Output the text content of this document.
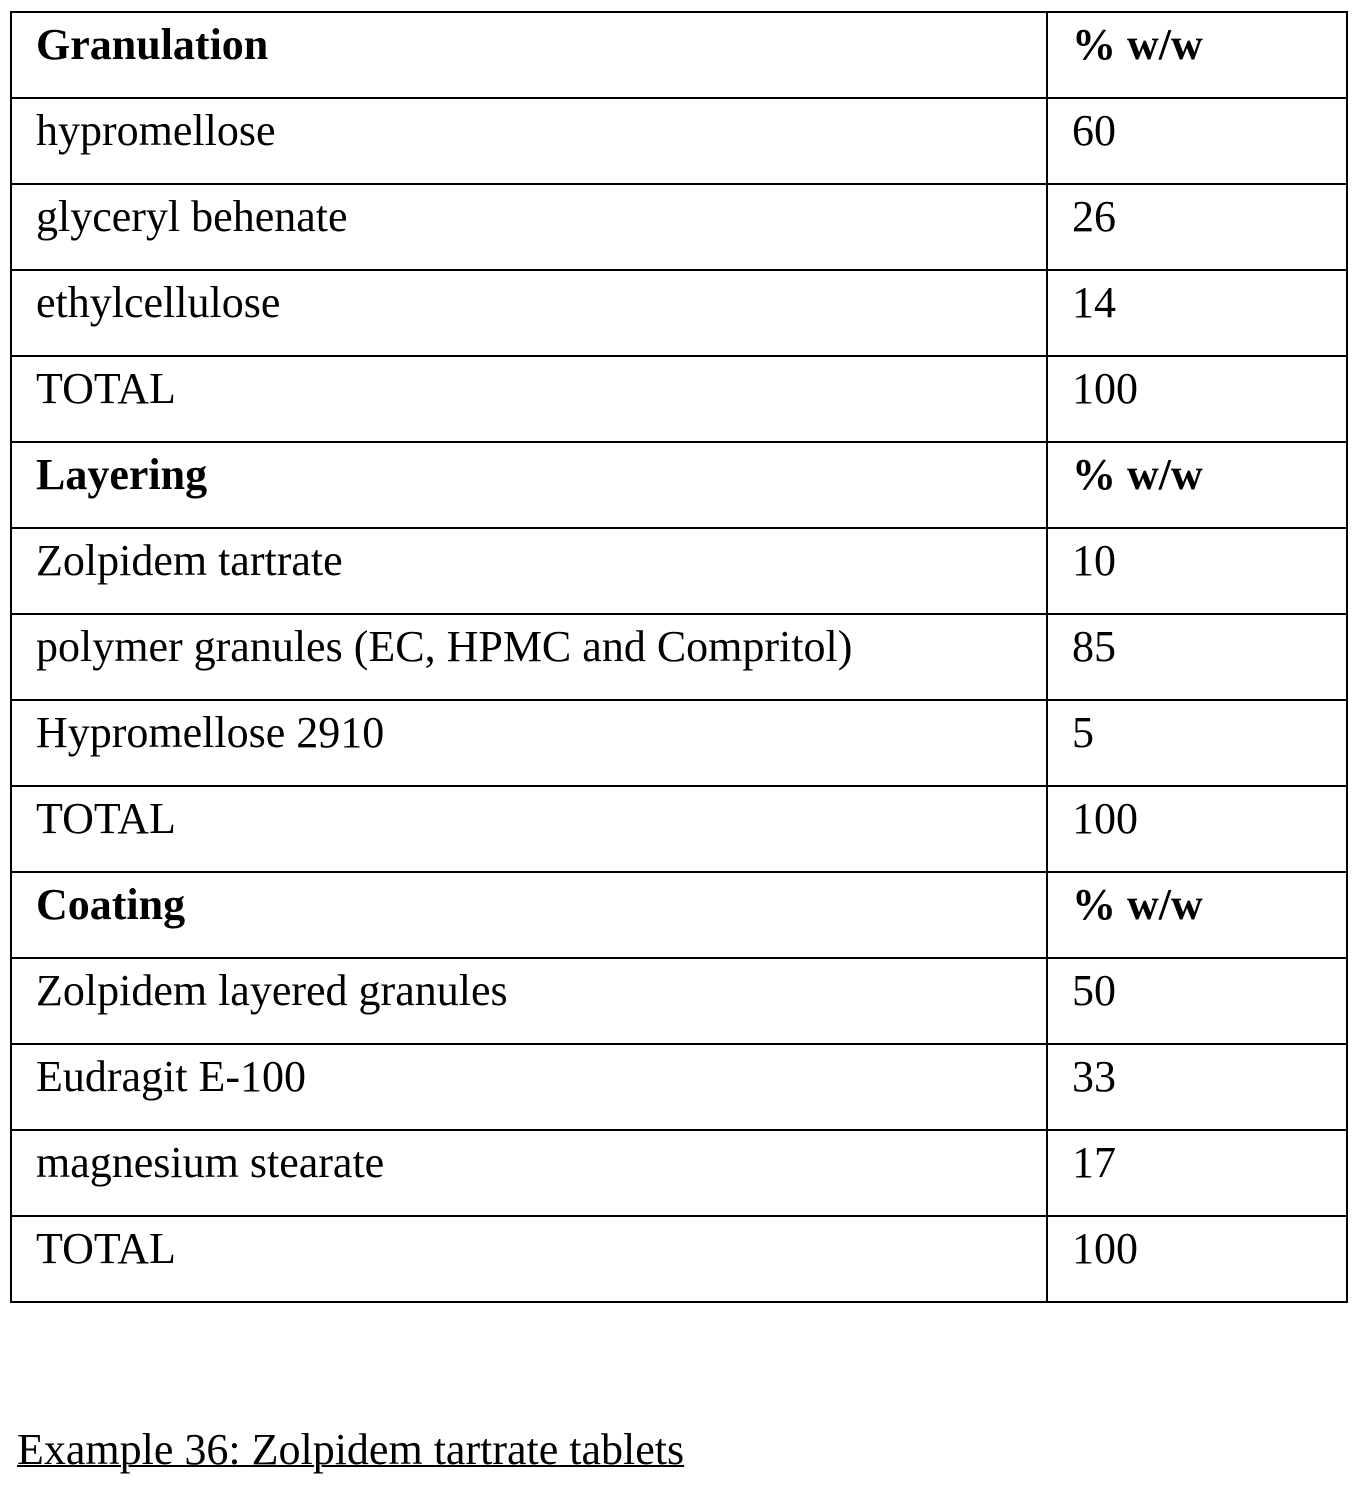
Granulation	% w/w
hypromellose	60
glyceryl behenate	26
ethylcellulose	14
TOTAL	100
Layering	% w/w
Zolpidem tartrate	10
polymer granules (EC, HPMC and Compritol)	85
Hypromellose 2910	5
TOTAL	100
Coating	% w/w
Zolpidem layered granules	50
Eudragit E-100	33
magnesium stearate	17
TOTAL	100
Example 36: Zolpidem tartrate tablets
